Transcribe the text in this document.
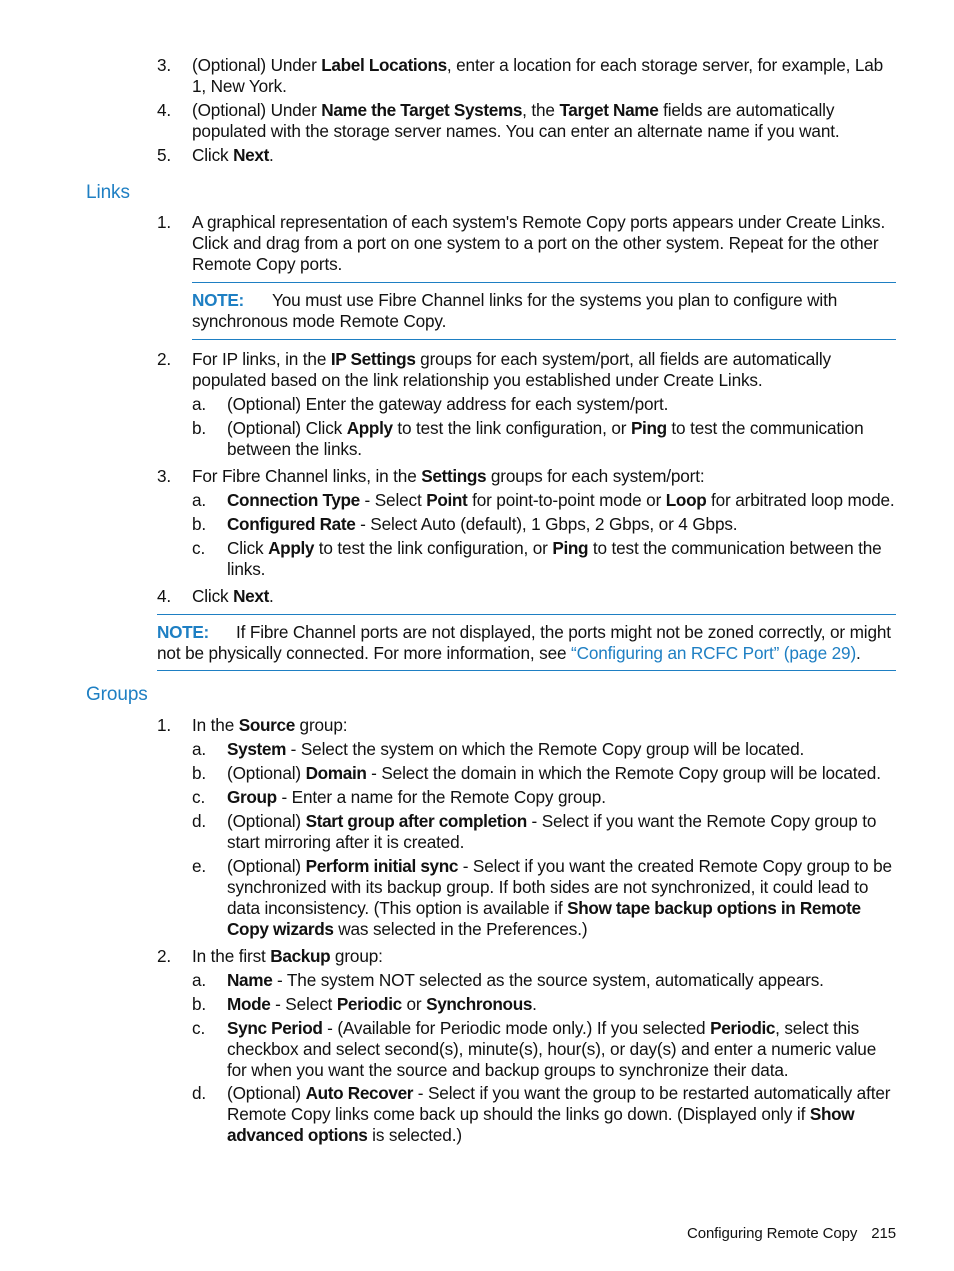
3. (Optional) Under Label Locations, enter a location for each storage server, for example, Lab 1, New York.
4. (Optional) Under Name the Target Systems, the Target Name fields are automatically populated with the storage server names. You can enter an alternate name if you want.
5. Click Next.
Links
1. A graphical representation of each system's Remote Copy ports appears under Create Links. Click and drag from a port on one system to a port on the other system. Repeat for the other Remote Copy ports.
NOTE: You must use Fibre Channel links for the systems you plan to configure with synchronous mode Remote Copy.
2. For IP links, in the IP Settings groups for each system/port, all fields are automatically populated based on the link relationship you established under Create Links.
a. (Optional) Enter the gateway address for each system/port.
b. (Optional) Click Apply to test the link configuration, or Ping to test the communication between the links.
3. For Fibre Channel links, in the Settings groups for each system/port:
a. Connection Type - Select Point for point-to-point mode or Loop for arbitrated loop mode.
b. Configured Rate - Select Auto (default), 1 Gbps, 2 Gbps, or 4 Gbps.
c. Click Apply to test the link configuration, or Ping to test the communication between the links.
4. Click Next.
NOTE: If Fibre Channel ports are not displayed, the ports might not be zoned correctly, or might not be physically connected. For more information, see “Configuring an RCFC Port” (page 29).
Groups
1. In the Source group:
a. System - Select the system on which the Remote Copy group will be located.
b. (Optional) Domain - Select the domain in which the Remote Copy group will be located.
c. Group - Enter a name for the Remote Copy group.
d. (Optional) Start group after completion - Select if you want the Remote Copy group to start mirroring after it is created.
e. (Optional) Perform initial sync - Select if you want the created Remote Copy group to be synchronized with its backup group. If both sides are not synchronized, it could lead to data inconsistency. (This option is available if Show tape backup options in Remote Copy wizards was selected in the Preferences.)
2. In the first Backup group:
a. Name - The system NOT selected as the source system, automatically appears.
b. Mode - Select Periodic or Synchronous.
c. Sync Period - (Available for Periodic mode only.) If you selected Periodic, select this checkbox and select second(s), minute(s), hour(s), or day(s) and enter a numeric value for when you want the source and backup groups to synchronize their data.
d. (Optional) Auto Recover - Select if you want the group to be restarted automatically after Remote Copy links come back up should the links go down. (Displayed only if Show advanced options is selected.)
Configuring Remote Copy 215
